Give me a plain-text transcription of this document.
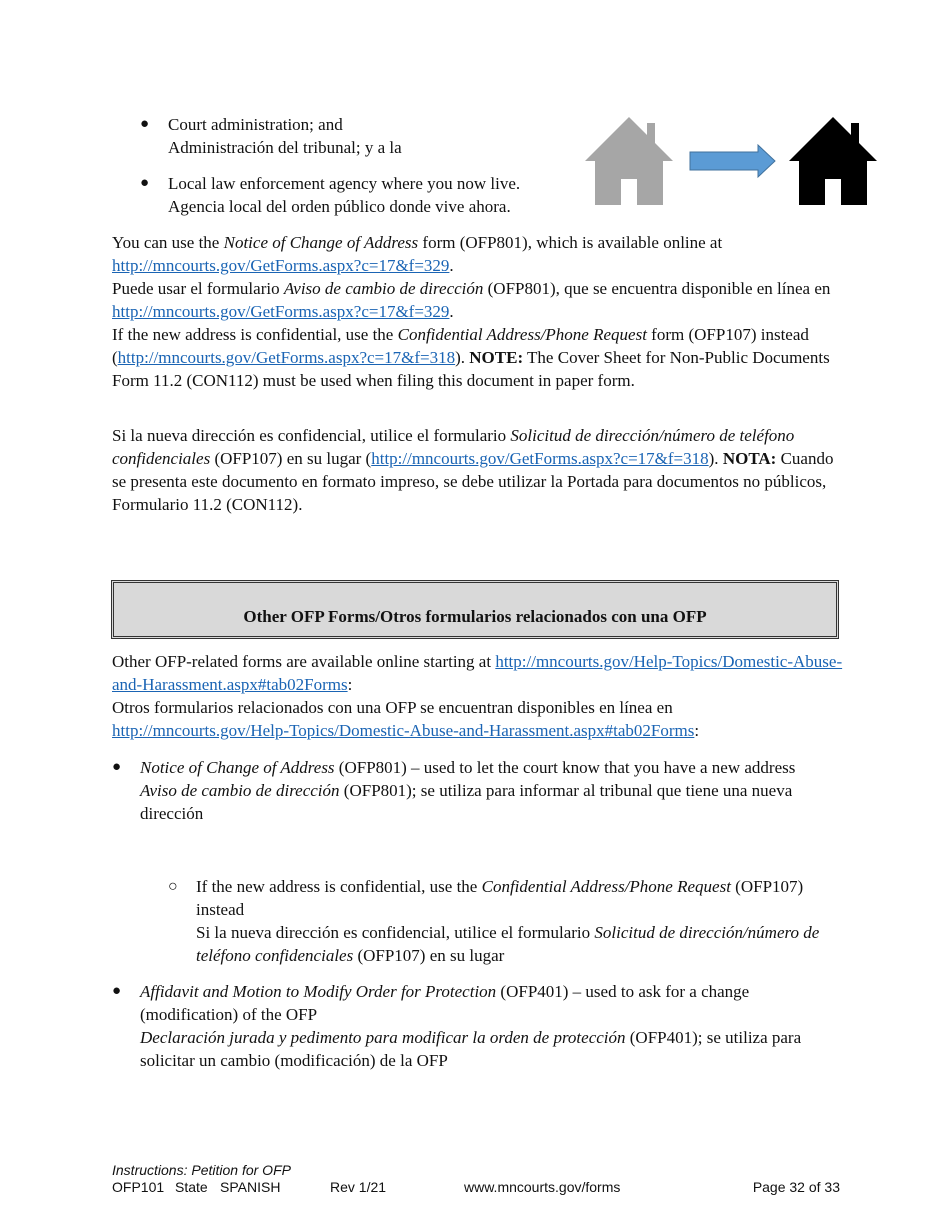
● Court administration; and

Administración del tribunal; y a la

● Local law enforcement agency where you now live.

Agencia local del orden público donde vive ahora.

You can use the Notice of Change of Address form (OFP801), which is available online at http://mncourts.gov/GetForms.aspx?c=17&f=329.

Puede usar el formulario Aviso de cambio de dirección (OFP801), que se encuentra disponible en línea en http://mncourts.gov/GetForms.aspx?c=17&f=329.

If the new address is confidential, use the Confidential Address/Phone Request form (OFP107) instead (http://mncourts.gov/GetForms.aspx?c=17&f=318). NOTE: The Cover Sheet for Non-Public Documents Form 11.2 (CON112) must be used when filing this document in paper form.

Si la nueva dirección es confidencial, utilice el formulario Solicitud de dirección/número de teléfono confidenciales (OFP107) en su lugar (http://mncourts.gov/GetForms.aspx?c=17&f=318). NOTA: Cuando se presenta este documento en formato impreso, se debe utilizar la Portada para documentos no públicos, Formulario 11.2 (CON112).

Other OFP Forms/Otros formularios relacionados con una OFP

Other OFP-related forms are available online starting at http://mncourts.gov/Help-Topics/Domestic-Abuse-and-Harassment.aspx#tab02Forms:

Otros formularios relacionados con una OFP se encuentran disponibles en línea en http://mncourts.gov/Help-Topics/Domestic-Abuse-and-Harassment.aspx#tab02Forms:

● Notice of Change of Address (OFP801) – used to let the court know that you have a new address

Aviso de cambio de dirección (OFP801); se utiliza para informar al tribunal que tiene una nueva dirección

○ If the new address is confidential, use the Confidential Address/Phone Request (OFP107) instead

Si la nueva dirección es confidencial, utilice el formulario Solicitud de dirección/número de teléfono confidenciales (OFP107) en su lugar

● Affidavit and Motion to Modify Order for Protection (OFP401) – used to ask for a change (modification) of the OFP

Declaración jurada y pedimento para modificar la orden de protección (OFP401); se utiliza para solicitar un cambio (modificación) de la OFP

Instructions: Petition for OFP
OFP101 State SPANISH	Rev 1/21	www.mncourts.gov/forms	Page 32 of 33
